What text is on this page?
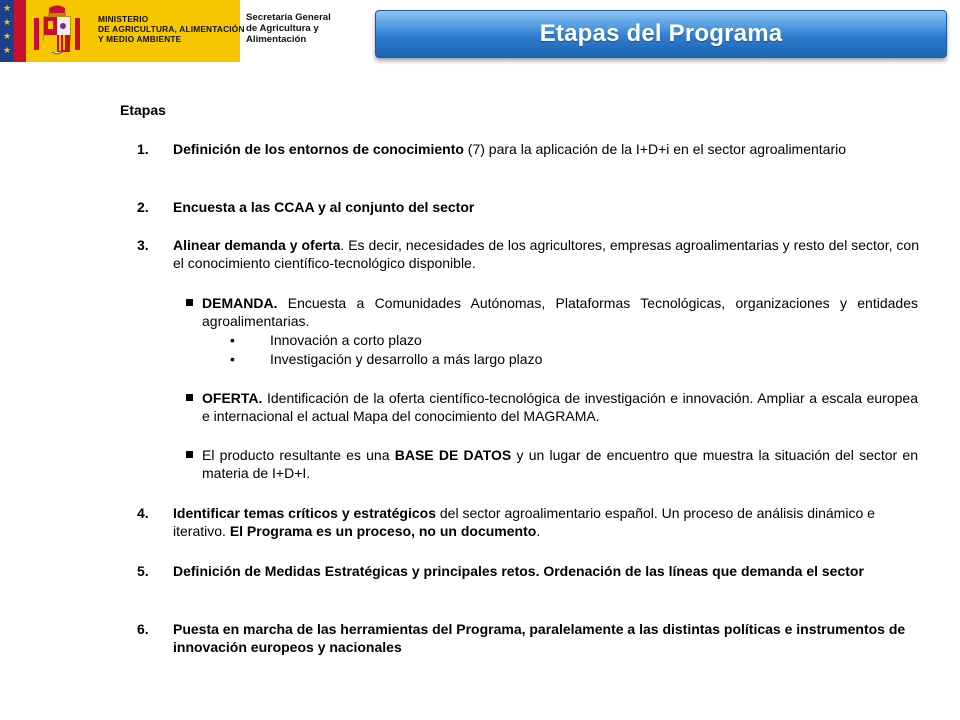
★
★
★
★
MINISTERIO
DE AGRICULTURA, ALIMENTACIÓN
Y MEDIO AMBIENTE
Secretaría General
de Agricultura y
Alimentación	Etapas del Programa
Etapas
1. Definición de los entornos de conocimiento (7) para la aplicación de la I+D+i en el sector agroalimentario
2. Encuesta a las CCAA y al conjunto del sector
3. Alinear demanda y oferta. Es decir, necesidades de los agricultores, empresas agroalimentarias y resto del sector, con el conocimiento científico-tecnológico disponible.
DEMANDA. Encuesta a Comunidades Autónomas, Plataformas Tecnológicas, organizaciones y entidades agroalimentarias.
•	Innovación a corto plazo
•	Investigación y desarrollo a más largo plazo
OFERTA. Identificación de la oferta científico-tecnológica de investigación e innovación. Ampliar a escala europea e internacional el actual Mapa del conocimiento del MAGRAMA.
El producto resultante es una BASE DE DATOS y un lugar de encuentro que muestra la situación del sector en materia de I+D+I.
4. Identificar temas críticos y estratégicos del sector agroalimentario español. Un proceso de análisis dinámico e iterativo. El Programa es un proceso, no un documento.
5. Definición de Medidas Estratégicas y principales retos. Ordenación de las líneas que demanda el sector
6. Puesta en marcha de las herramientas del Programa, paralelamente a las distintas políticas e instrumentos de innovación europeos y nacionales
